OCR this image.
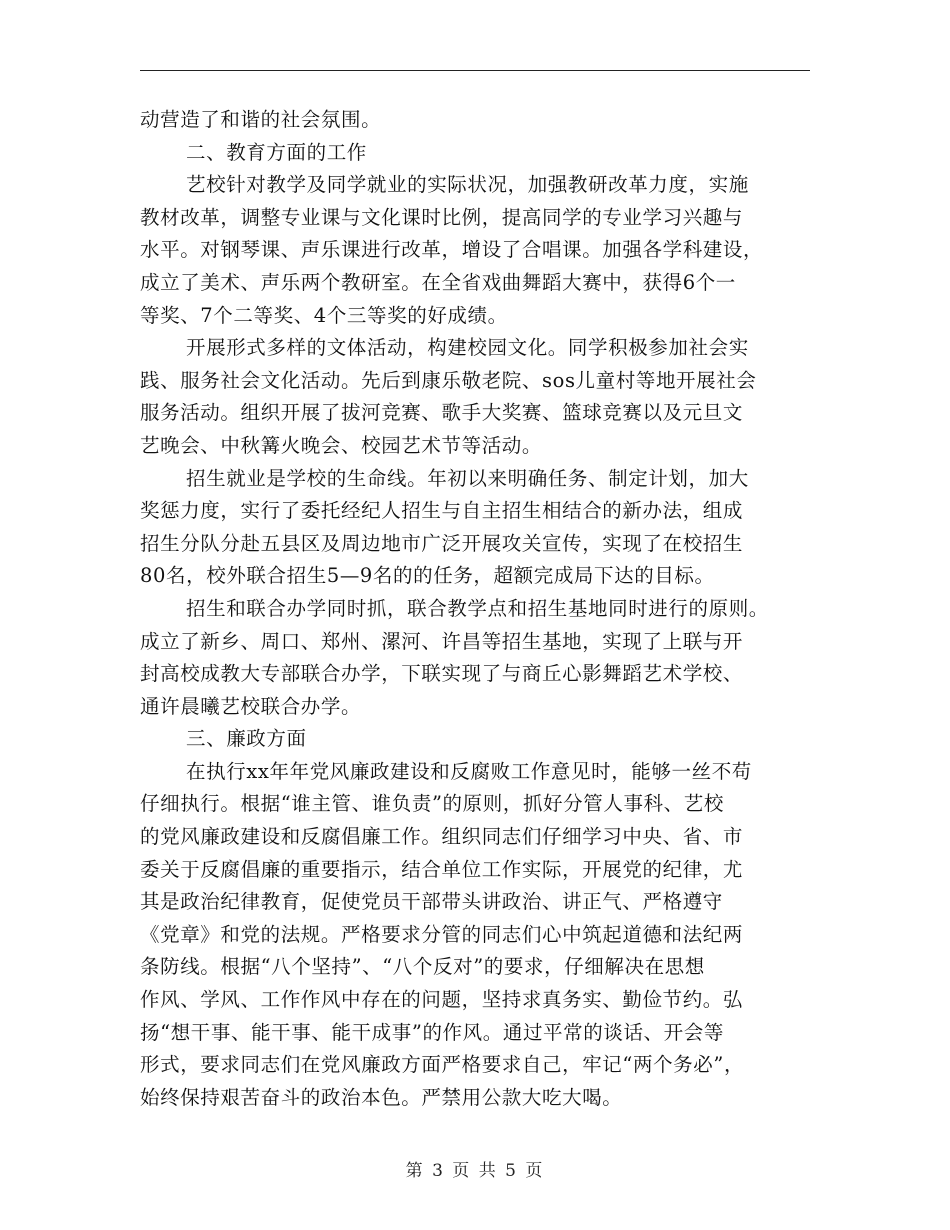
动营造了和谐的社会氛围。
二、教育方面的工作
艺校针对教学及同学就业的实际状况，加强教研改革力度，实施
教材改革，调整专业课与文化课时比例，提高同学的专业学习兴趣与
水平。对钢琴课、声乐课进行改革，增设了合唱课。加强各学科建设，
成立了美术、声乐两个教研室。在全省戏曲舞蹈大赛中，获得6个一
等奖、7个二等奖、4个三等奖的好成绩。
开展形式多样的文体活动，构建校园文化。同学积极参加社会实
践、服务社会文化活动。先后到康乐敬老院、sos儿童村等地开展社会
服务活动。组织开展了拔河竞赛、歌手大奖赛、篮球竞赛以及元旦文
艺晚会、中秋篝火晚会、校园艺术节等活动。
招生就业是学校的生命线。年初以来明确任务、制定计划，加大
奖惩力度，实行了委托经纪人招生与自主招生相结合的新办法，组成
招生分队分赴五县区及周边地市广泛开展攻关宣传，实现了在校招生
80名，校外联合招生5—9名的的任务，超额完成局下达的目标。
招生和联合办学同时抓，联合教学点和招生基地同时进行的原则。
成立了新乡、周口、郑州、漯河、许昌等招生基地，实现了上联与开
封高校成教大专部联合办学，下联实现了与商丘心影舞蹈艺术学校、
通许晨曦艺校联合办学。
三、廉政方面
在执行xx年年党风廉政建设和反腐败工作意见时，能够一丝不苟
仔细执行。根据“谁主管、谁负责”的原则，抓好分管人事科、艺校
的党风廉政建设和反腐倡廉工作。组织同志们仔细学习中央、省、市
委关于反腐倡廉的重要指示，结合单位工作实际，开展党的纪律，尤
其是政治纪律教育，促使党员干部带头讲政治、讲正气、严格遵守
《党章》和党的法规。严格要求分管的同志们心中筑起道德和法纪两
条防线。根据“八个坚持”、“八个反对”的要求，仔细解决在思想
作风、学风、工作作风中存在的问题，坚持求真务实、勤俭节约。弘
扬“想干事、能干事、能干成事”的作风。通过平常的谈话、开会等
形式，要求同志们在党风廉政方面严格要求自己，牢记“两个务必”，
始终保持艰苦奋斗的政治本色。严禁用公款大吃大喝。
第 3 页 共 5 页
